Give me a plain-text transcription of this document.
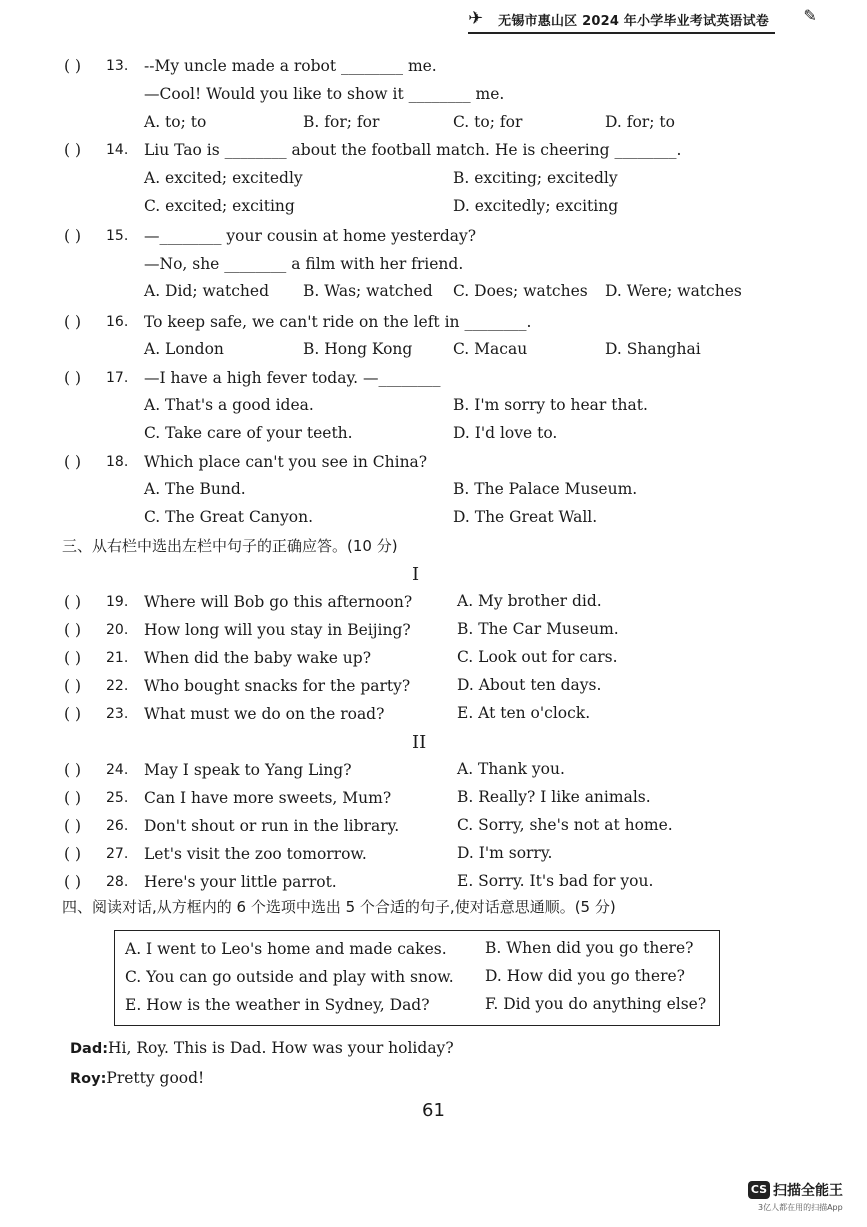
✈ 无锡市惠山区 2024 年小学毕业考试英语试卷 ✎
( ) 13. --My uncle made a robot ________ me.
—Cool! Would you like to show it ________ me.
A. to; to	B. for; for	C. to; for	D. for; to
( ) 14. Liu Tao is ________ about the football match. He is cheering ________.
A. excited; excitedly	B. exciting; excitedly
C. excited; exciting	D. excitedly; exciting
( ) 15. —________ your cousin at home yesterday?
—No, she ________ a film with her friend.
A. Did; watched B. Was; watched C. Does; watches D. Were; watches
( ) 16. To keep safe, we can't ride on the left in ________.
A. London	B. Hong Kong	C. Macau	D. Shanghai
( ) 17. —I have a high fever today. —________
A. That's a good idea.	B. I'm sorry to hear that.
C. Take care of your teeth.	D. I'd love to.
( ) 18. Which place can't you see in China?
A. The Bund.	B. The Palace Museum.
C. The Great Canyon.	D. The Great Wall.
三、从右栏中选出左栏中句子的正确应答。(10 分)
I
( ) 19. Where will Bob go this afternoon?	A. My brother did.
( ) 20. How long will you stay in Beijing?	B. The Car Museum.
( ) 21. When did the baby wake up?	C. Look out for cars.
( ) 22. Who bought snacks for the party?	D. About ten days.
( ) 23. What must we do on the road?	E. At ten o'clock.
II
( ) 24. May I speak to Yang Ling?	A. Thank you.
( ) 25. Can I have more sweets, Mum?	B. Really? I like animals.
( ) 26. Don't shout or run in the library.	C. Sorry, she's not at home.
( ) 27. Let's visit the zoo tomorrow.	D. I'm sorry.
( ) 28. Here's your little parrot.	E. Sorry. It's bad for you.
四、阅读对话,从方框内的 6 个选项中选出 5 个合适的句子,使对话意思通顺。(5 分)
A. I went to Leo's home and made cakes. B. When did you go there?
C. You can go outside and play with snow. D. How did you go there?
E. How is the weather in Sydney, Dad?	F. Did you do anything else?
Dad:Hi, Roy. This is Dad. How was your holiday?
Roy:Pretty good!
61
CS 扫描全能王
3亿人都在用的扫描App
